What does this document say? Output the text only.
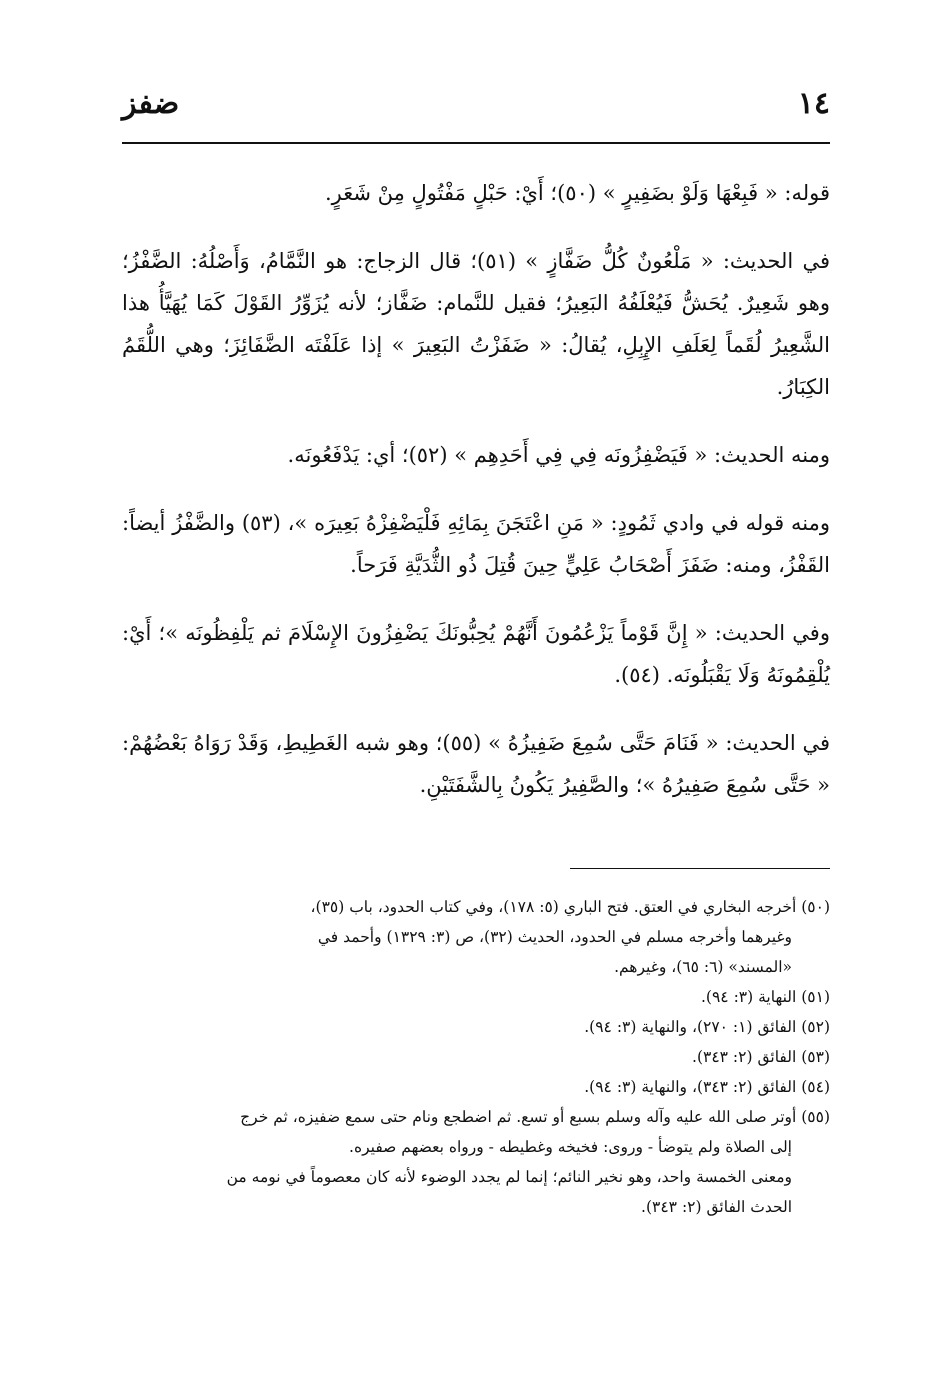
١٤
ضفز

قوله: « فَبِعْهَا وَلَوْ بضَفِيرٍ » (٥٠)؛ أَيْ: حَبْلٍ مَفْتُولٍ مِنْ شَعَرٍ.

في الحديث: « مَلْعُونٌ كُلُّ ضَفَّازٍ » (٥١)؛ قال الزجاج: هو النَّمَّامُ، وَأَصْلُهُ: الضَّفْزُ؛ وهو شَعِيرٌ. يُحَشُّ فَيُعْلَفُهُ البَعِيرُ؛ فقيل للنَّمام: ضَفَّاز؛ لأنه يُزَوِّرُ القَوْلَ كَمَا يُهَيَّأُ هذا الشَّعِيرُ لُقَماً لِعَلَفِ الإِبِلِ، يُقالُ: « ضَفَزْتُ البَعِيرَ » إذا عَلَفْتَه الضَّفَائِزَ؛ وهي اللُّقَمُ الكِبَارُ.

ومنه الحديث: « فَيَضْفِزُونَه فِي فِي أَحَدِهِم » (٥٢)؛ أي: يَدْفَعُونَه.

ومنه قوله في وادي ثَمُودٍ: « مَنِ اعْتَجَنَ بِمَائِهِ فَلْيَضْفِزْهُ بَعِيرَه »، (٥٣) والضَّفْزُ أيضاً: القَفْزُ، ومنه: ضَفَزَ أَصْحَابُ عَلِيٍّ حِينَ قُتِلَ ذُو الثُّدَيَّةِ فَرَحاً.

وفي الحديث: « إِنَّ قَوْماً يَزْعُمُونَ أَنَّهُمْ يُحِبُّونَكَ يَضْفِزُونَ الإِسْلَامَ ثم يَلْفِظُونَه »؛ أَيْ: يُلْقِمُونَهُ وَلَا يَقْبَلُونَه. (٥٤).

في الحديث: « فَنَامَ حَتَّى سُمِعَ ضَفِيزُهُ » (٥٥)؛ وهو شبه الغَطِيطِ، وَقَدْ رَوَاهُ بَعْضُهُمْ: « حَتَّى سُمِعَ صَفِيرُهُ »؛ والصَّفِيرُ يَكُونُ بِالشَّفَتَيْنِ.

(٥٠) أخرجه البخاري في العتق. فتح الباري (٥: ١٧٨)، وفي كتاب الحدود، باب (٣٥)،
وغيرهما وأخرجه مسلم في الحدود، الحديث (٣٢)، ص (٣: ١٣٢٩) وأحمد في
«المسند» (٦: ٦٥)، وغيرهم.
(٥١) النهاية (٣: ٩٤).
(٥٢) الفائق (١: ٢٧٠)، والنهاية (٣: ٩٤).
(٥٣) الفائق (٢: ٣٤٣).
(٥٤) الفائق (٢: ٣٤٣)، والنهاية (٣: ٩٤).
(٥٥) أوتر صلى الله عليه وآله وسلم بسبع أو تسع. ثم اضطجع ونام حتى سمع ضفيزه، ثم خرج
إلى الصلاة ولم يتوضأ - وروى: فخيخه وغطيطه - ورواه بعضهم صفيره.
ومعنى الخمسة واحد، وهو نخير النائم؛ إنما لم يجدد الوضوء لأنه كان معصوماً في نومه من
الحدث الفائق (٢: ٣٤٣).
